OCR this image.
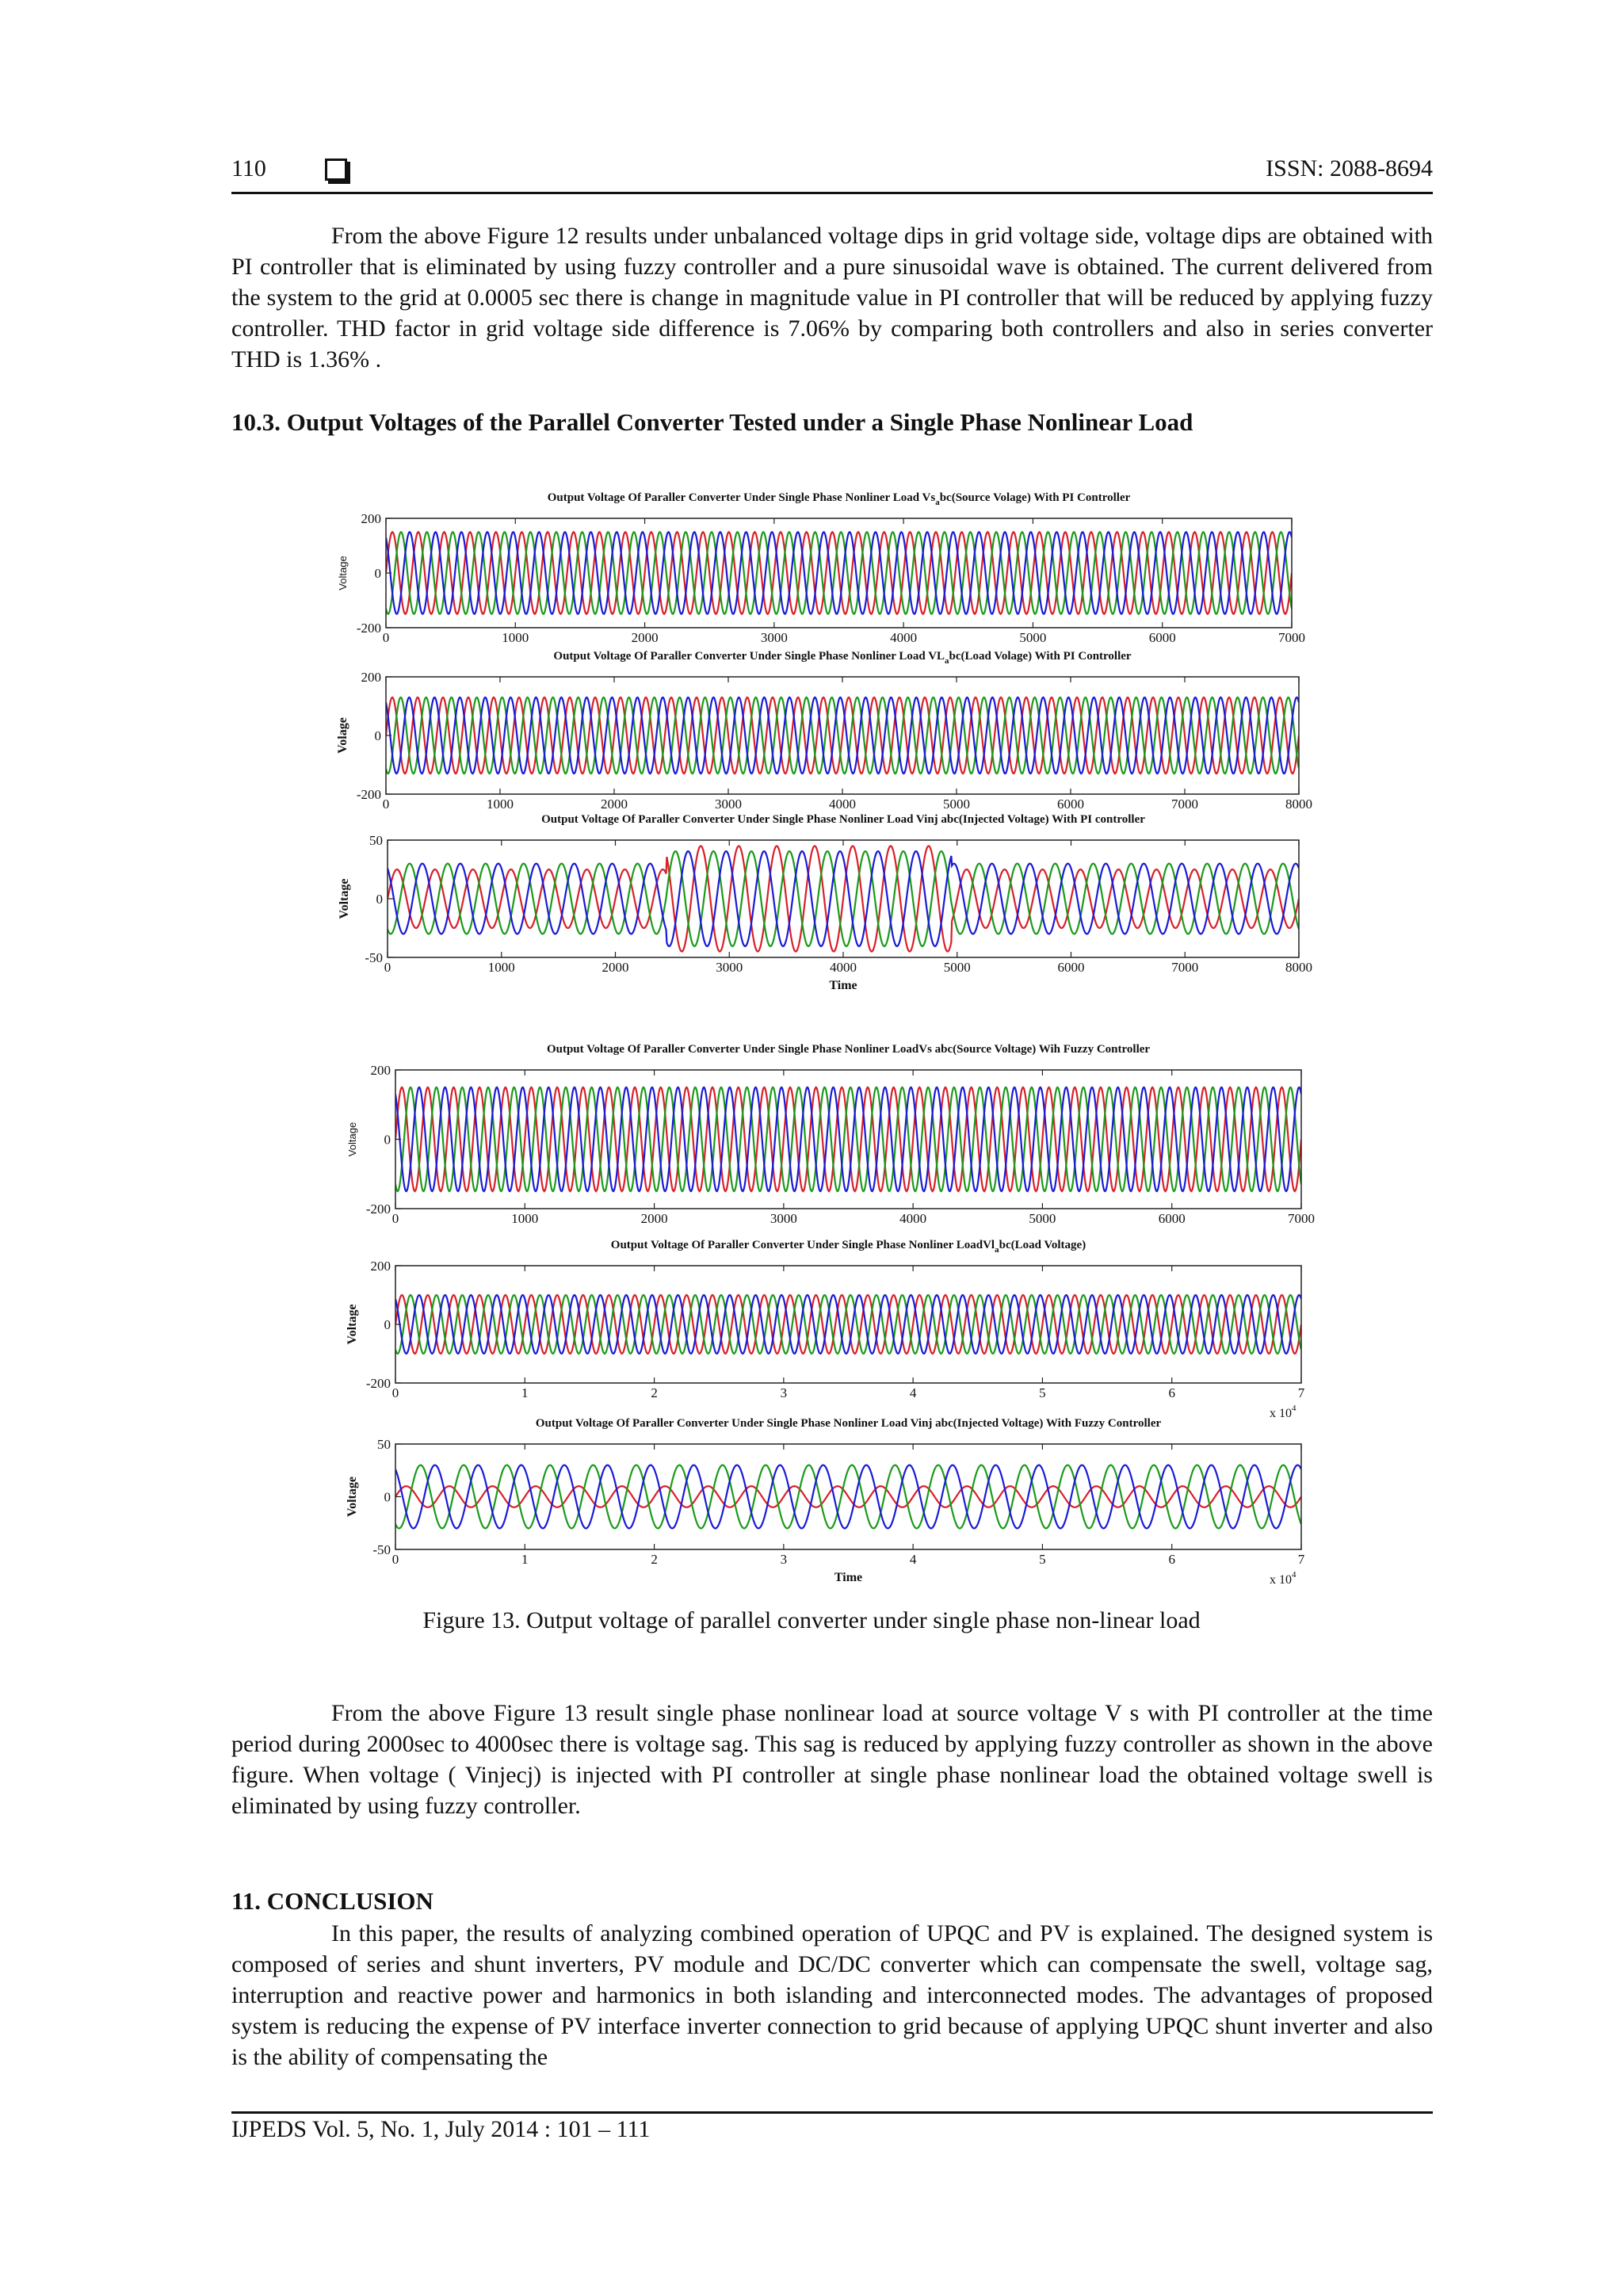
110	ISSN: 2088-8694

From the above Figure 12 results under unbalanced voltage dips in grid voltage side, voltage dips are obtained with PI controller that is eliminated by using fuzzy controller and a pure sinusoidal wave is obtained. The current delivered from the system to the grid at 0.0005 sec there is change in magnitude value in PI controller that will be reduced by applying fuzzy controller. THD factor in grid voltage side difference is 7.06% by comparing both controllers and also in series converter THD is 1.36% .

10.3. Output Voltages of the Parallel Converter Tested under a Single Phase Nonlinear Load
Output Voltage Of Paraller Converter Under Single Phase Nonliner Load $Vs_abc(Source$ Volage) With PI Controller
0	1000	2000	3000	4000	5000	6000	7000
200
0
-200
Voltage
Output Voltage Of Paraller Converter Under Single Phase Nonliner Load $VL_abc(Load$ Volage) With PI Controller
0	1000	2000	3000	4000	5000	6000	7000	8000
200
0
-200
Volage
Output Voltage Of Paraller Converter Under Single Phase Nonliner Load Vinj abc(Injected Voltage) With PI controller
0	1000	2000	3000	4000	5000	6000	7000	8000
50
0
-50
Voltage
Time
Output Voltage Of Paraller Converter Under Single Phase Nonliner LoadVs abc(Source Voltage) Wih Fuzzy Controller
0	1000	2000	3000	4000	5000	6000	7000
200
0
-200
Voltage
Output Voltage Of Paraller Converter Under Single Phase Nonliner LoadVl$_a$bc(Load Voltage)
0	1	2	3	4	5	6	7
200
0
-200
Voltage
x $10^4$
Output Voltage Of Paraller Converter Under Single Phase Nonliner Load Vinj abc(Injected Voltage) With Fuzzy Controller
0	1	2	3	4	5	6	7
50
0
-50
Voltage
Time	x $10^4$

Figure 13. Output voltage of parallel converter under single phase non-linear load

From the above Figure 13 result single phase nonlinear load at source voltage V s with PI controller at the time period during 2000sec to 4000sec there is voltage sag. This sag is reduced by applying fuzzy controller as shown in the above figure. When voltage ( Vinjecj) is injected with PI controller at single phase nonlinear load the obtained voltage swell is eliminated by using fuzzy controller.

11. CONCLUSION

In this paper, the results of analyzing combined operation of UPQC and PV is explained. The designed system is composed of series and shunt inverters, PV module and DC/DC converter which can compensate the swell, voltage sag, interruption and reactive power and harmonics in both islanding and interconnected modes. The advantages of proposed system is reducing the expense of PV interface inverter connection to grid because of applying UPQC shunt inverter and also is the ability of compensating the

IJPEDS Vol. 5, No. 1, July 2014 : 101 – 111
